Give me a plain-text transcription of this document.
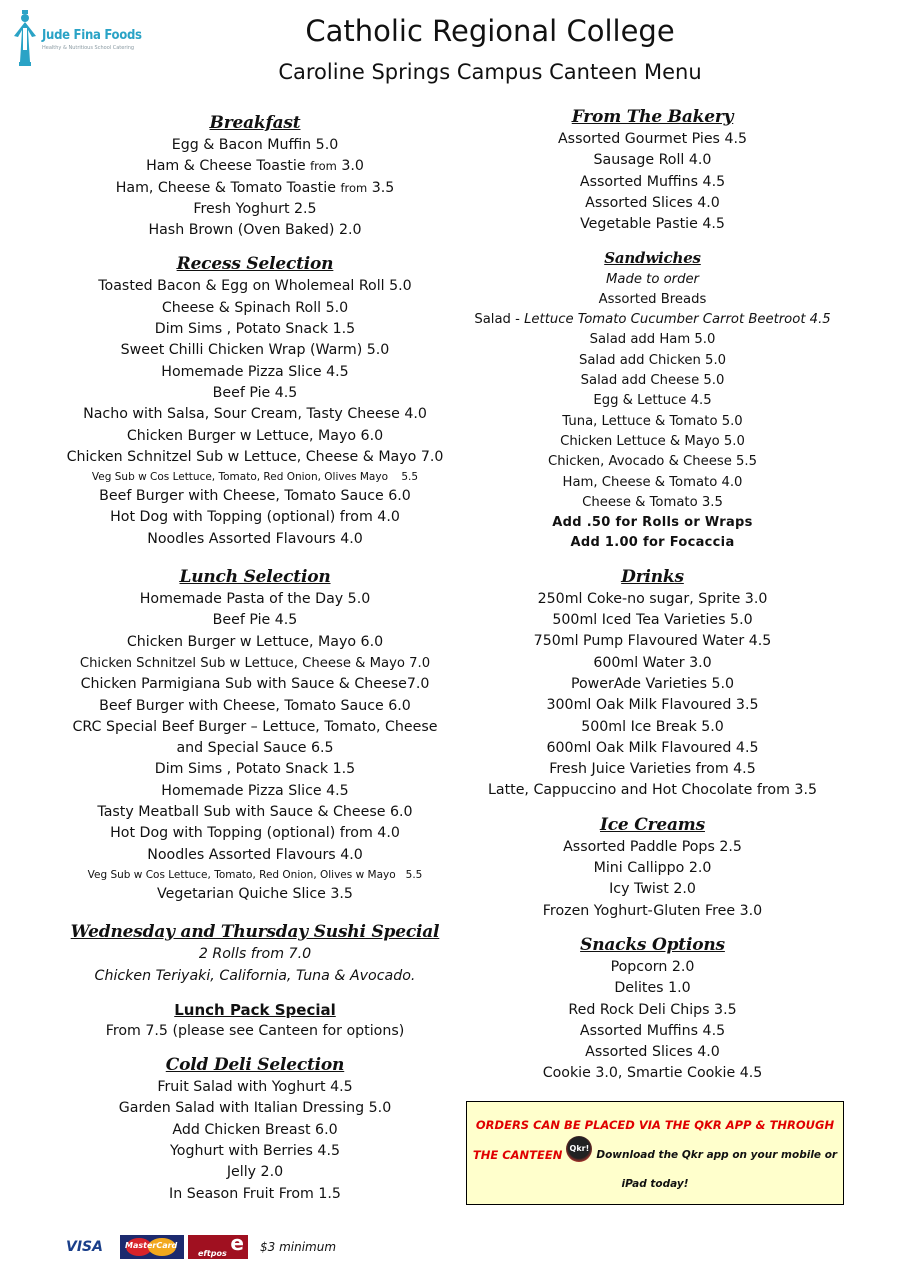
Jude Fina Foods
Healthy & Nutritious School Catering	Catholic Regional College
Caroline Springs Campus Canteen Menu
Breakfast
Egg & Bacon Muffin 5.0
Ham & Cheese Toastie from 3.0
Ham, Cheese & Tomato Toastie from 3.5
Fresh Yoghurt 2.5
Hash Brown (Oven Baked) 2.0
Recess Selection
Toasted Bacon & Egg on Wholemeal Roll 5.0
Cheese & Spinach Roll 5.0
Dim Sims , Potato Snack 1.5
Sweet Chilli Chicken Wrap (Warm) 5.0
Homemade Pizza Slice 4.5
Beef Pie 4.5
Nacho with Salsa, Sour Cream, Tasty Cheese 4.0
Chicken Burger w Lettuce, Mayo 6.0
Chicken Schnitzel Sub w Lettuce, Cheese & Mayo 7.0
Veg Sub w Cos Lettuce, Tomato, Red Onion, Olives Mayo    5.5
Beef Burger with Cheese, Tomato Sauce 6.0
Hot Dog with Topping (optional) from 4.0
Noodles Assorted Flavours 4.0
Lunch Selection
Homemade Pasta of the Day 5.0
Beef Pie 4.5
Chicken Burger w Lettuce, Mayo 6.0
Chicken Schnitzel Sub w Lettuce, Cheese & Mayo 7.0
Chicken Parmigiana Sub with Sauce & Cheese7.0
Beef Burger with Cheese, Tomato Sauce 6.0
CRC Special Beef Burger – Lettuce, Tomato, Cheese
and Special Sauce 6.5
Dim Sims , Potato Snack 1.5
Homemade Pizza Slice 4.5
Tasty Meatball Sub with Sauce & Cheese 6.0
Hot Dog with Topping (optional) from 4.0
Noodles Assorted Flavours 4.0
Veg Sub w Cos Lettuce, Tomato, Red Onion, Olives w Mayo   5.5
Vegetarian Quiche Slice 3.5
Wednesday and Thursday Sushi Special
2 Rolls from 7.0
Chicken Teriyaki, California, Tuna & Avocado.
Lunch Pack Special
From 7.5 (please see Canteen for options)
Cold Deli Selection
Fruit Salad with Yoghurt 4.5
Garden Salad with Italian Dressing 5.0
Add Chicken Breast 6.0
Yoghurt with Berries 4.5
Jelly 2.0
In Season Fruit From 1.5
From The Bakery
Assorted Gourmet Pies 4.5
Sausage Roll 4.0
Assorted Muffins 4.5
Assorted Slices 4.0
Vegetable Pastie 4.5
Sandwiches
Made to order
Assorted Breads
Salad - Lettuce Tomato Cucumber Carrot Beetroot 4.5
Salad add Ham 5.0
Salad add Chicken 5.0
Salad add Cheese 5.0
Egg & Lettuce 4.5
Tuna, Lettuce & Tomato 5.0
Chicken Lettuce & Mayo 5.0
Chicken, Avocado & Cheese 5.5
Ham, Cheese & Tomato 4.0
Cheese & Tomato 3.5
Add .50 for Rolls or Wraps
Add 1.00 for Focaccia
Drinks
250ml Coke-no sugar, Sprite 3.0
500ml Iced Tea Varieties 5.0
750ml Pump Flavoured Water 4.5
600ml Water 3.0
PowerAde Varieties 5.0
300ml Oak Milk Flavoured 3.5
500ml Ice Break 5.0
600ml Oak Milk Flavoured 4.5
Fresh Juice Varieties from 4.5
Latte, Cappuccino and Hot Chocolate from 3.5
Ice Creams
Assorted Paddle Pops 2.5
Mini Callippo 2.0
Icy Twist 2.0
Frozen Yoghurt-Gluten Free 3.0
Snacks Options
Popcorn 2.0
Delites 1.0
Red Rock Deli Chips 3.5
Assorted Muffins 4.5
Assorted Slices 4.0
Cookie 3.0, Smartie Cookie 4.5
ORDERS CAN BE PLACED VIA THE QKR APP & THROUGH
THE CANTEEN Qkr!
Download the Qkr app on your mobile or
iPad today!
VISA	MasterCard	e
eftpos	$3 minimum
